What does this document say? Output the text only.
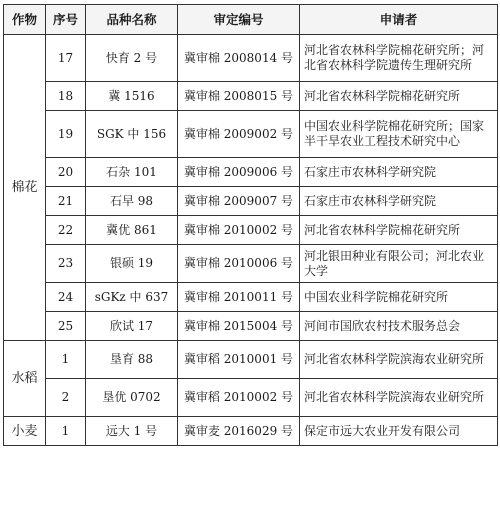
作物	序号	品种名称	审定编号	申请者
棉花	17	快育 2 号	冀审棉 2008014 号	河北省农林科学院棉花研究所；河北省农林科学院遗传生理研究所
	18	冀 1516	冀审棉 2008015 号	河北省农林科学院棉花研究所
	19	SGK 中 156	冀审棉 2009002 号	中国农业科学院棉花研究所；国家半干旱农业工程技术研究中心
	20	石杂 101	冀审棉 2009006 号	石家庄市农林科学研究院
	21	石早 98	冀审棉 2009007 号	石家庄市农林科学研究院
	22	冀优 861	冀审棉 2010002 号	河北省农林科学院棉花研究所
	23	银硕 19	冀审棉 2010006 号	河北银田种业有限公司；河北农业大学
	24	sGKz 中 637	冀审棉 2010011 号	中国农业科学院棉花研究所
	25	欣试 17	冀审棉 2015004 号	河间市国欣农村技术服务总会
水稻	1	垦育 88	冀审稻 2010001 号	河北省农林科学院滨海农业研究所
	2	垦优 0702	冀审稻 2010002 号	河北省农林科学院滨海农业研究所
小麦	1	远大 1 号	冀审麦 2016029 号	保定市远大农业开发有限公司
